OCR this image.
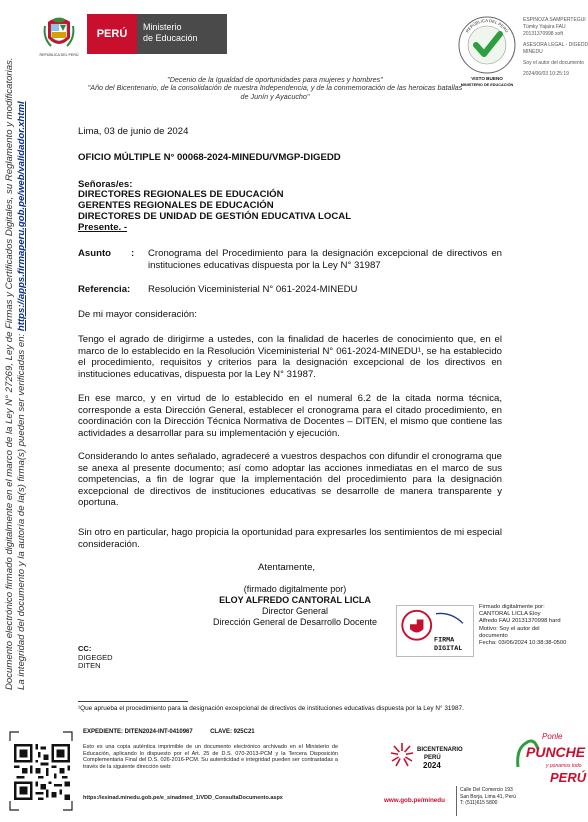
Documento electrónico firmado digitalmente en el marco de la Ley N° 27269, Ley de Firmas y Certificados Digitales, su Reglamento y modificatorias. La integridad del documento y la autoría de la(s) firma(s) pueden ser verificadas en: https://apps.firmaperu.gob.pe/web/validador.xhtml
REPÚBLICA DEL PERÚ
PERÚ
Ministerio
de Educación
REPÚBLICA DEL PERÚ
VISTO BUENO
MINISTERIO DE EDUCACIÓN
ESPINOZA SAMPERTEGUI
Tümky Yajaira FAU
20131370998 soft
ASESORA LEGAL - DIGEDD
MINEDU
Soy el autor del documento
2024/06/03 10:25:19
"Decenio de la Igualdad de oportunidades para mujeres y hombres"
"Año del Bicentenario, de la consolidación de nuestra Independencia, y de la conmemoración de las heroicas batallas
de Junín y Ayacucho"
Lima, 03 de junio de 2024
OFICIO MÚLTIPLE N° 00068-2024-MINEDU/VMGP-DIGEDD
Señoras/es:
DIRECTORES REGIONALES DE EDUCACIÓN
GERENTES REGIONALES DE EDUCACIÓN
DIRECTORES DE UNIDAD DE GESTIÓN EDUCATIVA LOCAL
Presente. -
Asunto : Cronograma del Procedimiento para la designación excepcional de directivos en instituciones educativas dispuesta por la Ley N° 31987
Referencia: Resolución Viceministerial N° 061-2024-MINEDU
De mi mayor consideración:
Tengo el agrado de dirigirme a ustedes, con la finalidad de hacerles de conocimiento que, en el marco de lo establecido en la Resolución Viceministerial N° 061-2024-MINEDU¹, se ha establecido el procedimiento, requisitos y criterios para la designación excepcional de los directivos en instituciones educativas, dispuesta por la Ley N° 31987.
En ese marco, y en virtud de lo establecido en el numeral 6.2 de la citada norma técnica, corresponde a esta Dirección General, establecer el cronograma para el citado procedimiento, en coordinación con la Dirección Técnica Normativa de Docentes – DITEN, el mismo que contiene las actividades a desarrollar para su implementación y ejecución.
Considerando lo antes señalado, agradeceré a vuestros despachos con difundir el cronograma que se anexa al presente documento; así como adoptar las acciones inmediatas en el marco de sus competencias, a fin de lograr que la implementación del procedimiento para la designación excepcional de directivos de instituciones educativas se desarrolle de manera transparente y oportuna.
Sin otro en particular, hago propicia la oportunidad para expresarles los sentimientos de mi especial consideración.
Atentamente,
(firmado digitalmente por)
ELOY ALFREDO CANTORAL LICLA
Director General
Dirección General de Desarrollo Docente
FIRMA
DIGITAL
Firmado digitalmente por:
CANTORAL LICLA Eloy
Alfredo FAU 20131370998 hard
Motivo: Soy el autor del
documento
Fecha: 03/06/2024 10:38:38-0500
CC:
DIGEGED
DITEN
¹Que aprueba el procedimiento para la designación excepcional de directivos de instituciones educativas dispuesta por la Ley N° 31987.
EXPEDIENTE: DITEN2024-INT-0410967	CLAVE: 925C21
Esto es una copia auténtica imprimible de un documento electrónico archivado en el Ministerio de Educación, aplicando lo dispuesto por el Art. 25 de D.S. 070-2013-PCM y la Tercera Disposición Complementaria Final del D.S. 026-2016-PCM. Su autenticidad e integridad pueden ser contrastadas a través de la siguiente dirección web:
https://esinad.minedu.gob.pe/e_sinadmed_1/VDD_ConsultaDocumento.aspx
BICENTENARIO
PERÚ
2024
www.gob.pe/minedu
Calle Del Comercio 193
San Borja, Lima 41, Perú
T: (511)615 5800
Ponle
PUNCHE
y ponamos todo
PERÚ
